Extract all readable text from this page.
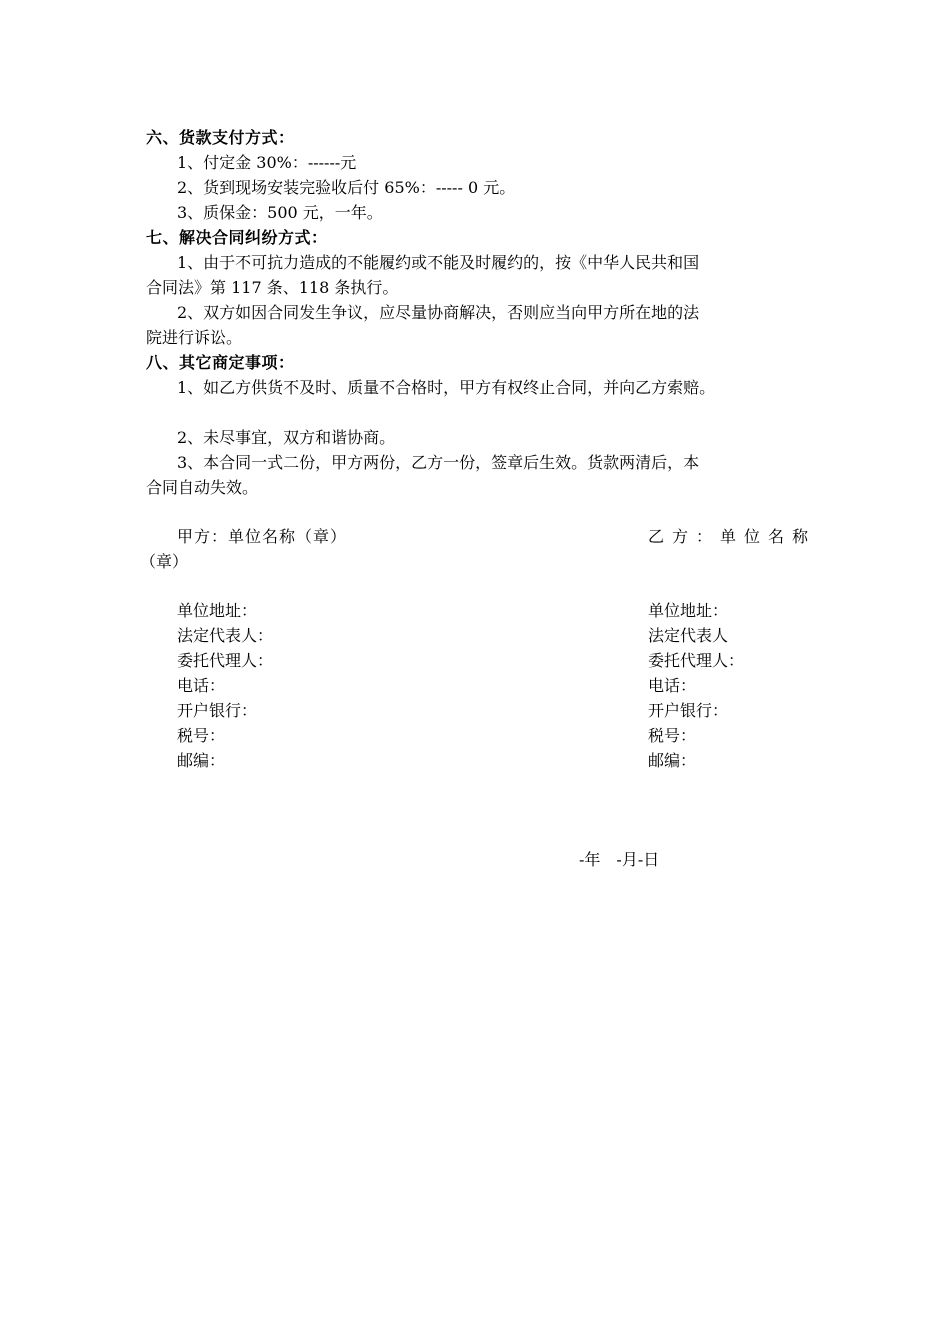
六、货款支付方式：
1、付定金 30%：------元
2、货到现场安装完验收后付 65%：----- 0 元。
3、质保金：500 元，一年。
七、解决合同纠纷方式：
1、由于不可抗力造成的不能履约或不能及时履约的，按《中华人民共和国
合同法》第 117 条、118 条执行。
2、双方如因合同发生争议，应尽量协商解决，否则应当向甲方所在地的法
院进行诉讼。
八、其它商定事项：
1、如乙方供货不及时、质量不合格时，甲方有权终止合同，并向乙方索赔。
2、未尽事宜，双方和谐协商。
3、本合同一式二份，甲方两份，乙方一份，签章后生效。货款两清后，本
合同自动失效。
甲方：单位名称（章）	乙方：单位名称
（章）
单位地址：
法定代表人：
委托代理人：
电话：
开户银行：
税号：
邮编：
单位地址：
法定代表人
委托代理人：
电话：
开户银行：
税号：
邮编：
-年　-月-日
